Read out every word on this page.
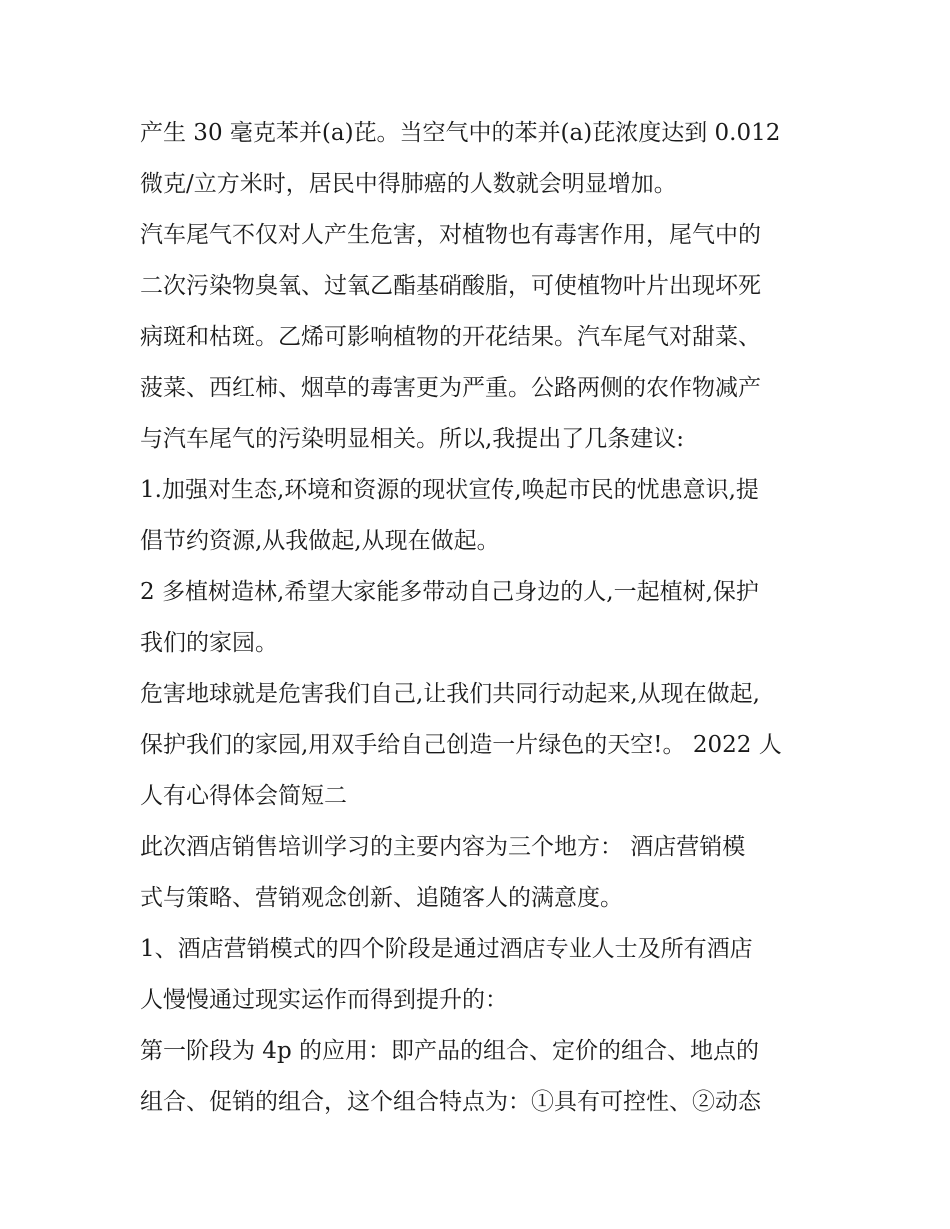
产生 30 毫克苯并(a)芘。当空气中的苯并(a)芘浓度达到 0.012
微克/立方米时，居民中得肺癌的人数就会明显增加。
汽车尾气不仅对人产生危害，对植物也有毒害作用，尾气中的
二次污染物臭氧、过氧乙酯基硝酸脂，可使植物叶片出现坏死
病斑和枯斑。乙烯可影响植物的开花结果。汽车尾气对甜菜、
菠菜、西红柿、烟草的毒害更为严重。公路两侧的农作物减产
与汽车尾气的污染明显相关。所以,我提出了几条建议:
1.加强对生态,环境和资源的现状宣传,唤起市民的忧患意识,提
倡节约资源,从我做起,从现在做起。
2 多植树造林,希望大家能多带动自己身边的人,一起植树,保护
我们的家园。
危害地球就是危害我们自己,让我们共同行动起来,从现在做起,
保护我们的家园,用双手给自己创造一片绿色的天空!。 2022 人
人有心得体会简短二
此次酒店销售培训学习的主要内容为三个地方： 酒店营销模
式与策略、营销观念创新、追随客人的满意度。
1、酒店营销模式的四个阶段是通过酒店专业人士及所有酒店
人慢慢通过现实运作而得到提升的：
第一阶段为 4p 的应用：即产品的组合、定价的组合、地点的
组合、促销的组合，这个组合特点为：①具有可控性、②动态
